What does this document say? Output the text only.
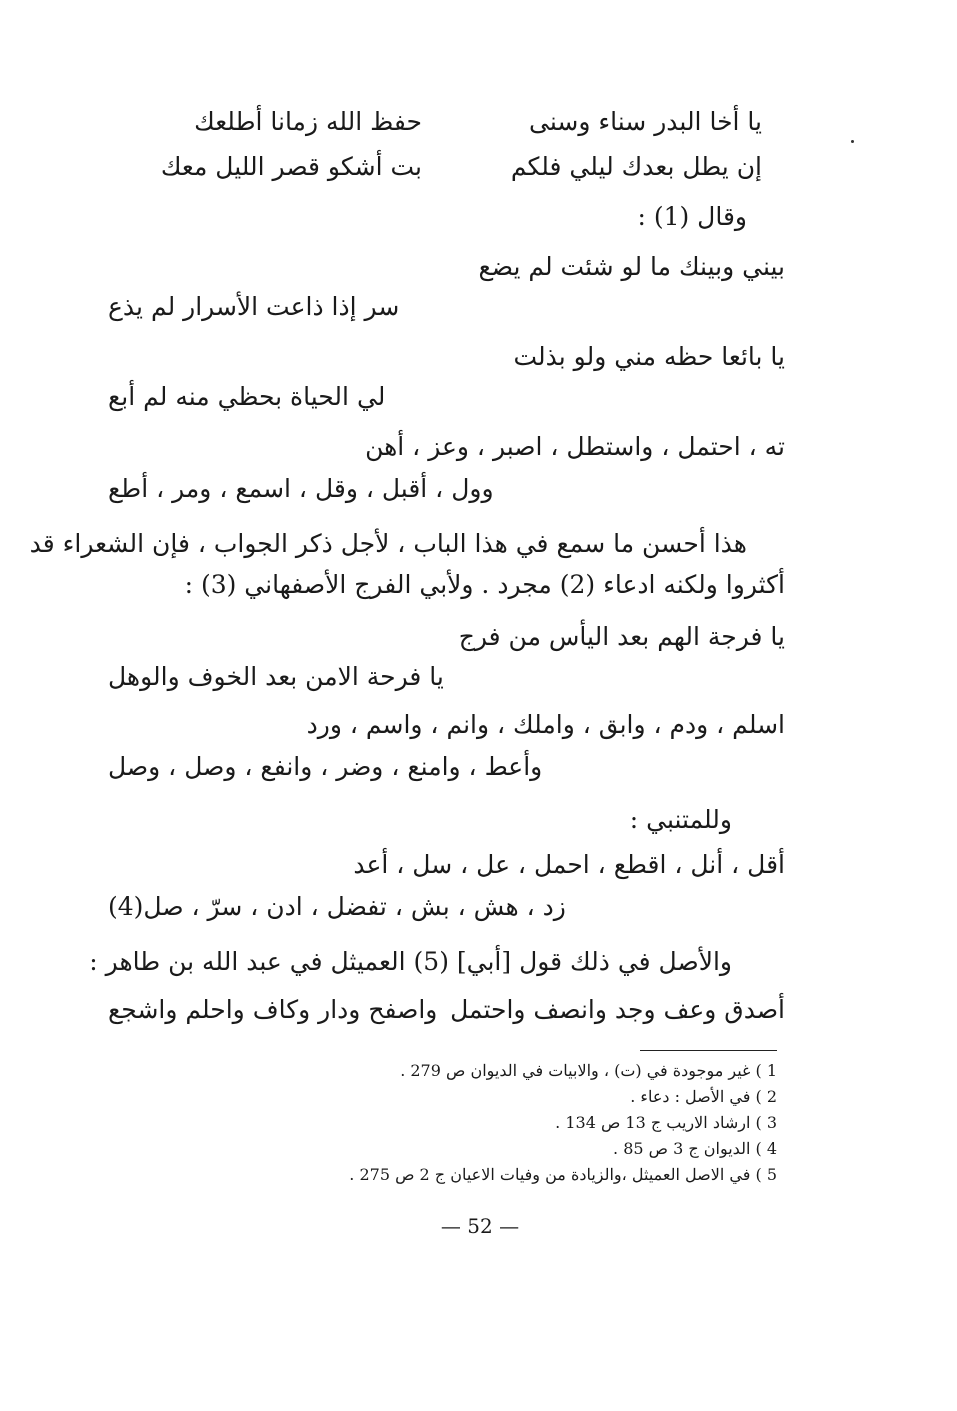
يا أخا البدر سناء وسنى
حفظ الله زمانا أطلعك
إن يطل بعدك ليلي فلكم
بت أشكو قصر الليل معك
وقال (1) :
بيني وبينك ما لو شئت لم يضع
سر إذا ذاعت الأسرار لم يذع
يا بائعا حظه مني ولو بذلت
لي الحياة بحظي منه لم أبع
ته ، احتمل ، واستطل ، اصبر ، وعز ، أهن
وول ، أقبل ، وقل ، اسمع ، ومر ، أطع
هذا أحسن ما سمع في هذا الباب ، لأجل ذكر الجواب ، فإن الشعراء قد
أكثروا ولكنه ادعاء (2) مجرد . ولأبي الفرج الأصفهاني (3) :
يا فرجة الهم بعد اليأس من فرج
يا فرحة الامن بعد الخوف والوهل
اسلم ، ودم ، وابق ، واملك ، وانم ، واسم ، ورد
وأعط ، وامنع ، وضر ، وانفع ، وصل ، وصل
وللمتنبي :
أقل ، أنل ، اقطع ، احمل ، عل ، سل ، أعد
زد ، هش ، بش ، تفضل ، ادن ، سرّ ، صل(4)
والأصل في ذلك قول [أبي] (5) العميثل في عبد الله بن طاهر :
أصدق وعف وجد وانصف واحتمل
واصفح ودار وكاف واحلم واشجع
1 ) غير موجودة في (ت) ، والابيات في الديوان ص 279 .
2 ) في الأصل : دعاء .
3 ) ارشاد الاريب ج 13 ص 134 .
4 ) الديوان ج 3 ص 85 .
5 ) في الاصل العميثل ،والزيادة من وفيات الاعيان ج 2 ص 275 .
— 52 —
